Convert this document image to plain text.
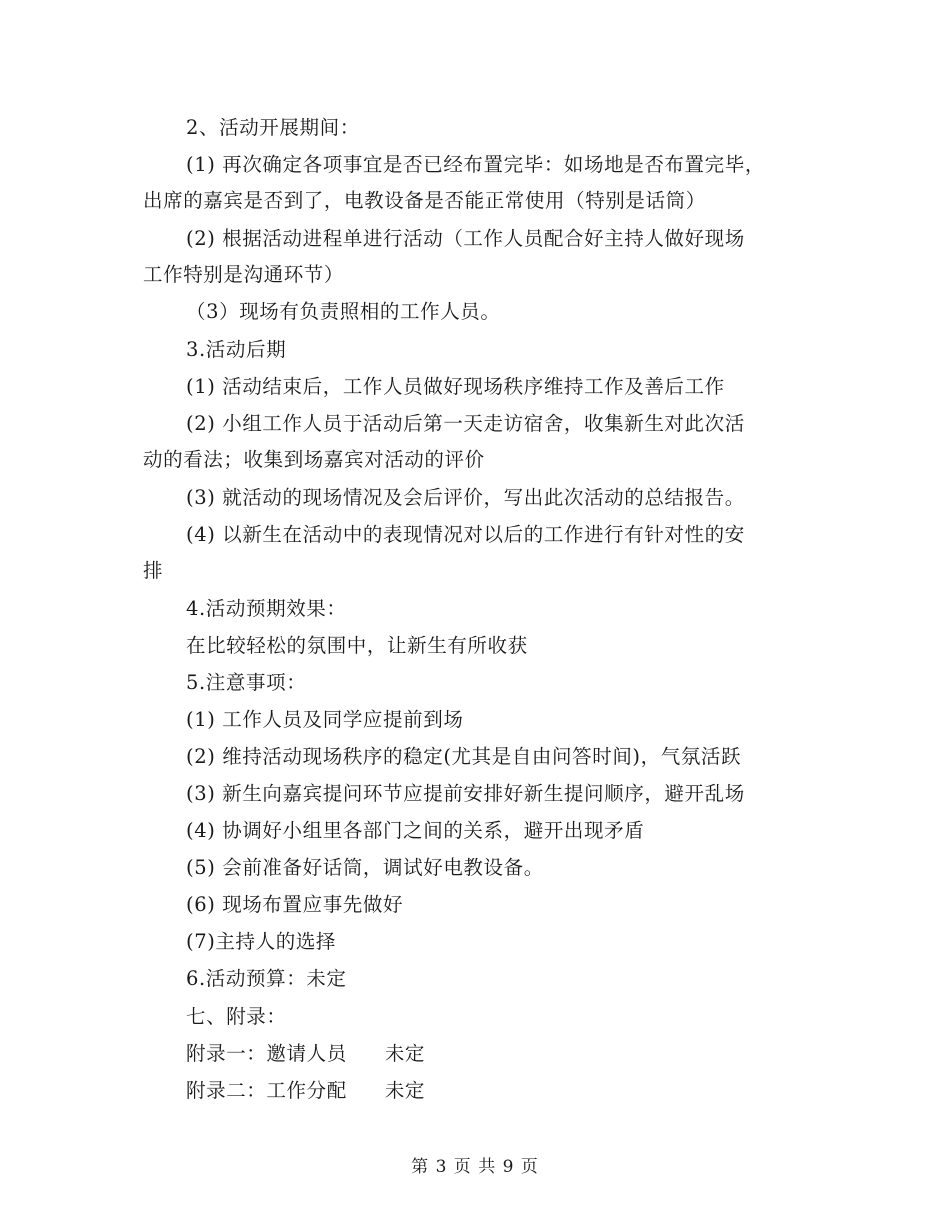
2、活动开展期间：
(1) 再次确定各项事宜是否已经布置完毕：如场地是否布置完毕，
出席的嘉宾是否到了，电教设备是否能正常使用（特别是话筒）
(2) 根据活动进程单进行活动（工作人员配合好主持人做好现场
工作特别是沟通环节）
（3）现场有负责照相的工作人员。
3.活动后期
(1) 活动结束后，工作人员做好现场秩序维持工作及善后工作
(2) 小组工作人员于活动后第一天走访宿舍，收集新生对此次活
动的看法；收集到场嘉宾对活动的评价
(3) 就活动的现场情况及会后评价，写出此次活动的总结报告。
(4) 以新生在活动中的表现情况对以后的工作进行有针对性的安
排
4.活动预期效果：
在比较轻松的氛围中，让新生有所收获
5.注意事项：
(1) 工作人员及同学应提前到场
(2) 维持活动现场秩序的稳定(尤其是自由问答时间)，气氛活跃
(3) 新生向嘉宾提问环节应提前安排好新生提问顺序，避开乱场
(4) 协调好小组里各部门之间的关系，避开出现矛盾
(5) 会前准备好话筒，调试好电教设备。
(6) 现场布置应事先做好
(7)主持人的选择
6.活动预算：未定
七、附录：
附录一：邀请人员 未定
附录二：工作分配 未定
第 3 页 共 9 页
